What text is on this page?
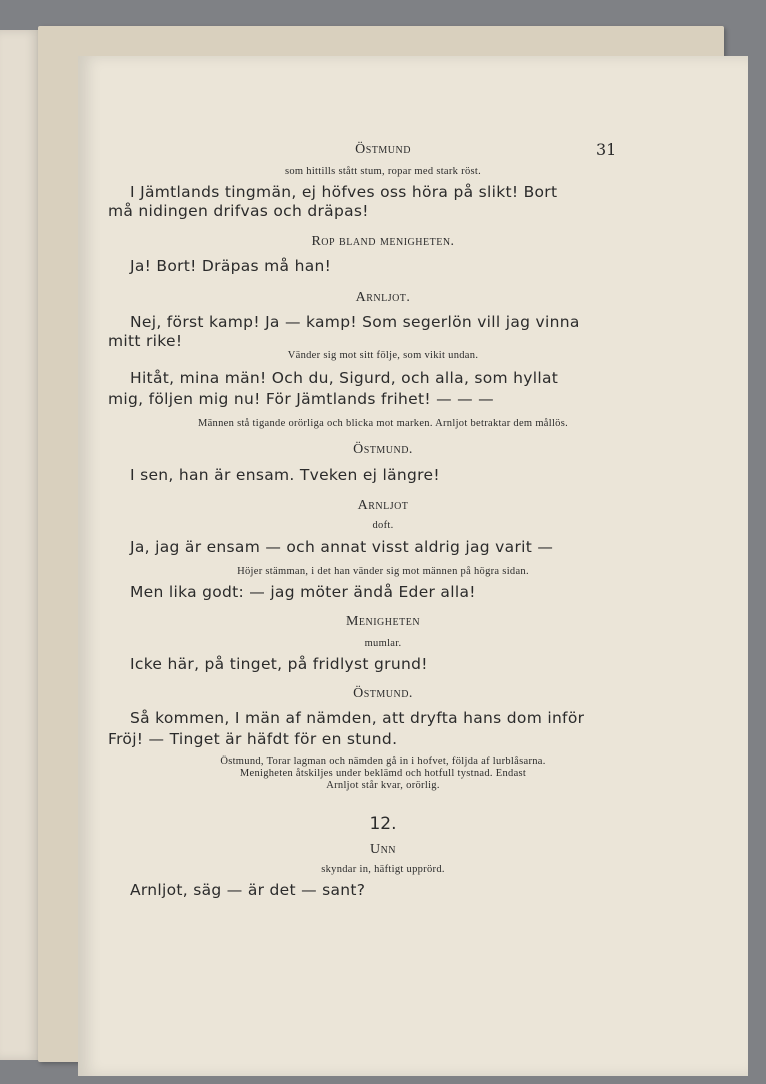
31
Östmund
som hittills stått stum, ropar med stark röst.
I Jämtlands tingmän, ej höfves oss höra på slikt! Bort
må nidingen drifvas och dräpas!
Rop bland menigheten.
Ja! Bort! Dräpas må han!
Arnljot.
Nej, först kamp! Ja — kamp! Som segerlön vill jag vinna
mitt rike!
Vänder sig mot sitt följe, som vikit undan.
Hitåt, mina män! Och du, Sigurd, och alla, som hyllat
mig, följen mig nu! För Jämtlands frihet! — — —
Männen stå tigande orörliga och blicka mot marken. Arnljot betraktar dem mållös.
Östmund.
I sen, han är ensam. Tveken ej längre!
Arnljot
doft.
Ja, jag är ensam — och annat visst aldrig jag varit —
Höjer stämman, i det han vänder sig mot männen på högra sidan.
Men lika godt: — jag möter ändå Eder alla!
Menigheten
mumlar.
Icke här, på tinget, på fridlyst grund!
Östmund.
Så kommen, I män af nämden, att dryfta hans dom inför
Fröj! — Tinget är häfdt för en stund.
Östmund, Torar lagman och nämden gå in i hofvet, följda af lurblåsarna.
Menigheten åtskiljes under beklämd och hotfull tystnad. Endast
Arnljot står kvar, orörlig.
12.
Unn
skyndar in, häftigt upprörd.
Arnljot, säg — är det — sant?
